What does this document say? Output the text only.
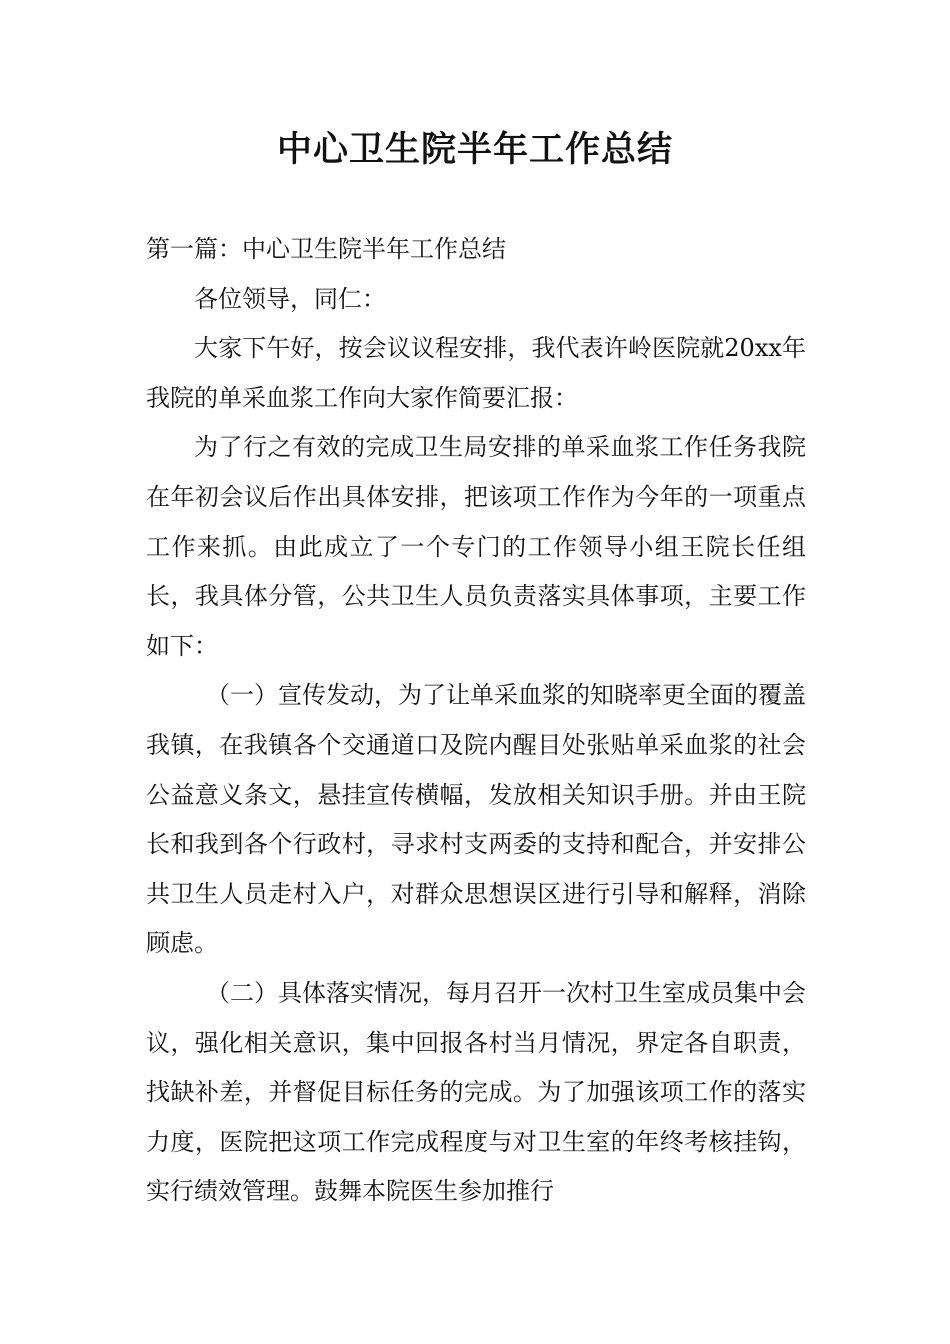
中心卫生院半年工作总结

第一篇：中心卫生院半年工作总结

各位领导，同仁：

大家下午好，按会议议程安排，我代表许岭医院就20xx年我院的单采血浆工作向大家作简要汇报：

为了行之有效的完成卫生局安排的单采血浆工作任务我院在年初会议后作出具体安排，把该项工作作为今年的一项重点工作来抓。由此成立了一个专门的工作领导小组王院长任组长，我具体分管，公共卫生人员负责落实具体事项，主要工作如下：

（一）宣传发动，为了让单采血浆的知晓率更全面的覆盖我镇，在我镇各个交通道口及院内醒目处张贴单采血浆的社会公益意义条文，悬挂宣传横幅，发放相关知识手册。并由王院长和我到各个行政村，寻求村支两委的支持和配合，并安排公共卫生人员走村入户，对群众思想误区进行引导和解释，消除顾虑。

（二）具体落实情况，每月召开一次村卫生室成员集中会议，强化相关意识，集中回报各村当月情况，界定各自职责，找缺补差，并督促目标任务的完成。为了加强该项工作的落实力度，医院把这项工作完成程度与对卫生室的年终考核挂钩，实行绩效管理。鼓舞本院医生参加推行
